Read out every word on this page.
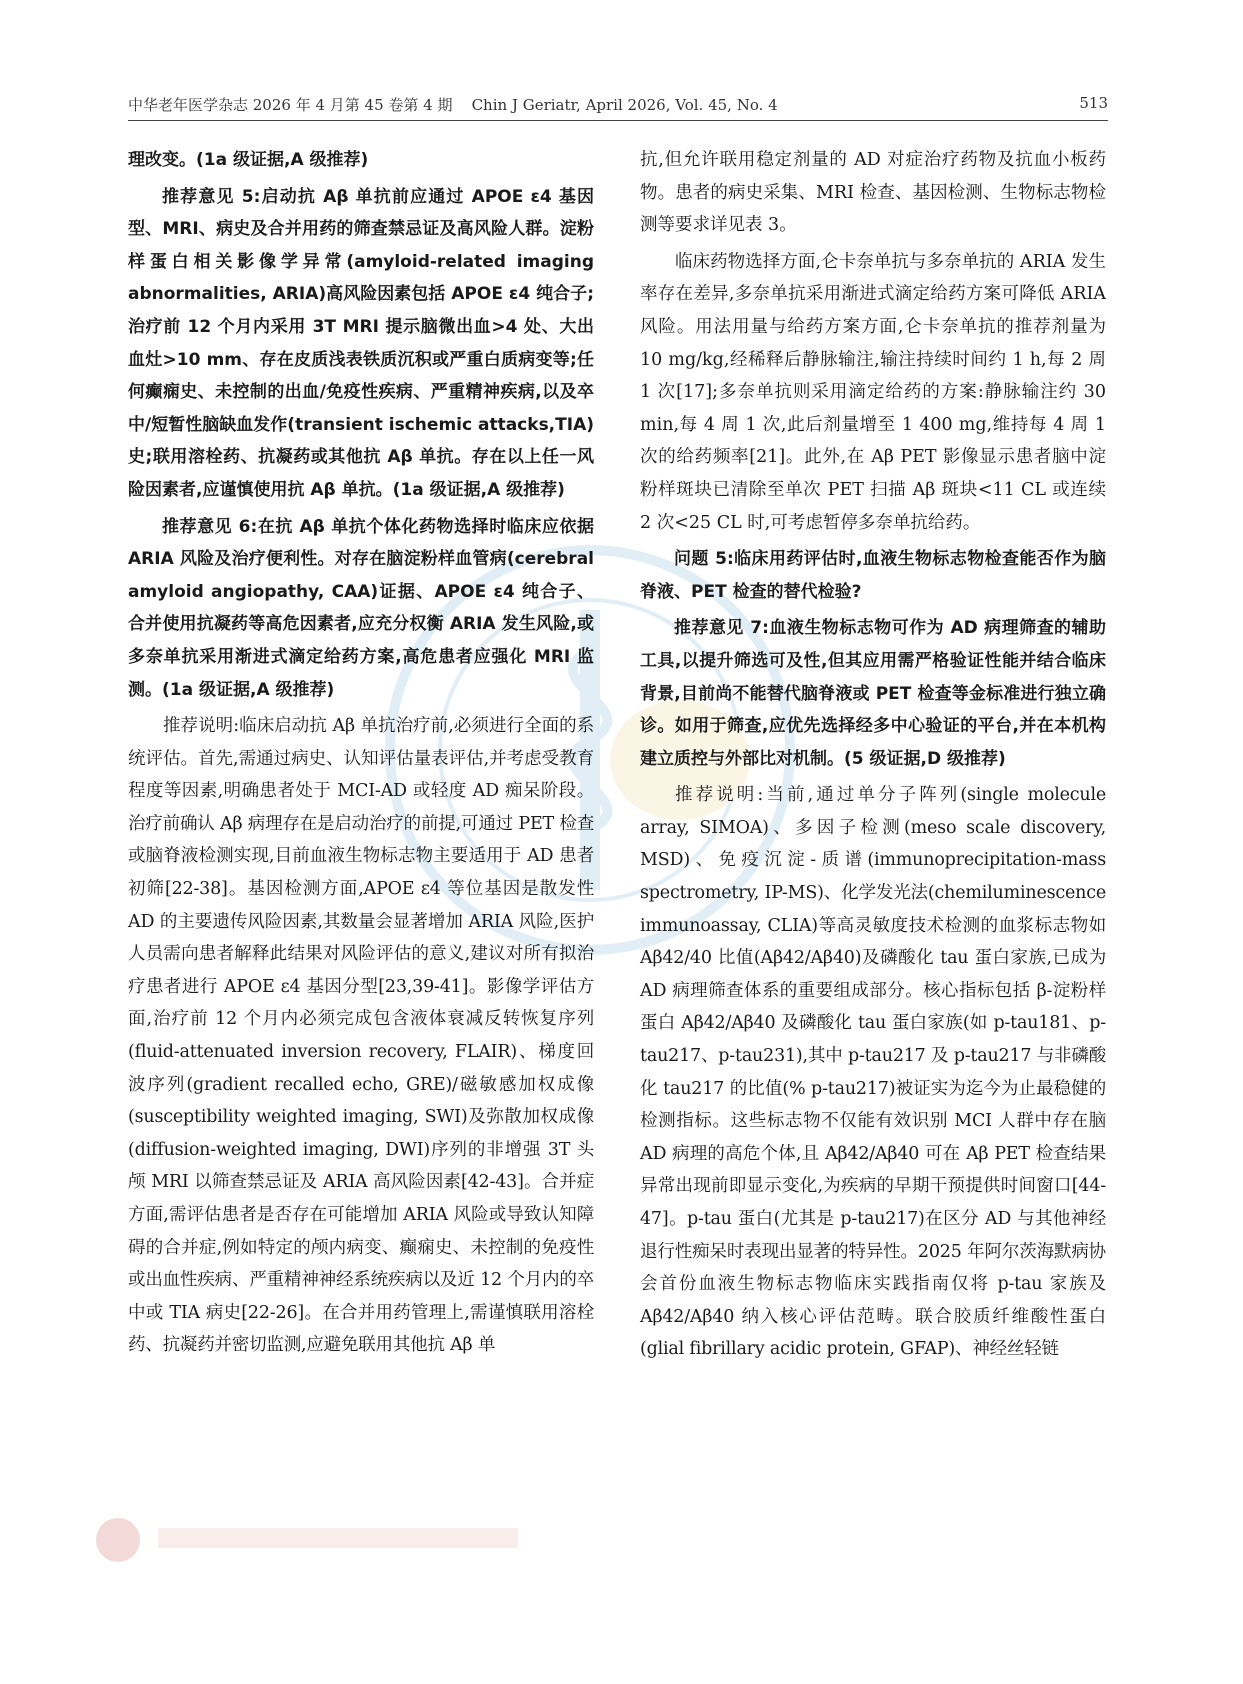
中华老年医学杂志 2026 年 4 月第 45 卷第 4 期 Chin J Geriatr, April 2026, Vol. 45, No. 4	513

理改变。(1a 级证据,A 级推荐)

推荐意见 5:启动抗 Aβ 单抗前应通过 APOE ε4 基因型、MRI、病史及合并用药的筛查禁忌证及高风险人群。淀粉样蛋白相关影像学异常(amyloid-related imaging abnormalities, ARIA)高风险因素包括 APOE ε4 纯合子;治疗前 12 个月内采用 3T MRI 提示脑微出血>4 处、大出血灶>10 mm、存在皮质浅表铁质沉积或严重白质病变等;任何癫痫史、未控制的出血/免疫性疾病、严重精神疾病,以及卒中/短暂性脑缺血发作(transient ischemic attacks,TIA)史;联用溶栓药、抗凝药或其他抗 Aβ 单抗。存在以上任一风险因素者,应谨慎使用抗 Aβ 单抗。(1a 级证据,A 级推荐)

推荐意见 6:在抗 Aβ 单抗个体化药物选择时临床应依据 ARIA 风险及治疗便利性。对存在脑淀粉样血管病(cerebral amyloid angiopathy, CAA)证据、APOE ε4 纯合子、合并使用抗凝药等高危因素者,应充分权衡 ARIA 发生风险,或多奈单抗采用渐进式滴定给药方案,高危患者应强化 MRI 监测。(1a 级证据,A 级推荐)

推荐说明:临床启动抗 Aβ 单抗治疗前,必须进行全面的系统评估。首先,需通过病史、认知评估量表评估,并考虑受教育程度等因素,明确患者处于 MCI-AD 或轻度 AD 痴呆阶段。治疗前确认 Aβ 病理存在是启动治疗的前提,可通过 PET 检查或脑脊液检测实现,目前血液生物标志物主要适用于 AD 患者初筛[22-38]。基因检测方面,APOE ε4 等位基因是散发性 AD 的主要遗传风险因素,其数量会显著增加 ARIA 风险,医护人员需向患者解释此结果对风险评估的意义,建议对所有拟治疗患者进行 APOE ε4 基因分型[23,39-41]。影像学评估方面,治疗前 12 个月内必须完成包含液体衰减反转恢复序列(fluid-attenuated inversion recovery, FLAIR)、梯度回波序列(gradient recalled echo, GRE)/磁敏感加权成像(susceptibility weighted imaging, SWI)及弥散加权成像(diffusion-weighted imaging, DWI)序列的非增强 3T 头颅 MRI 以筛查禁忌证及 ARIA 高风险因素[42-43]。合并症方面,需评估患者是否存在可能增加 ARIA 风险或导致认知障碍的合并症,例如特定的颅内病变、癫痫史、未控制的免疫性或出血性疾病、严重精神神经系统疾病以及近 12 个月内的卒中或 TIA 病史[22-26]。在合并用药管理上,需谨慎联用溶栓药、抗凝药并密切监测,应避免联用其他抗 Aβ 单

抗,但允许联用稳定剂量的 AD 对症治疗药物及抗血小板药物。患者的病史采集、MRI 检查、基因检测、生物标志物检测等要求详见表 3。

临床药物选择方面,仑卡奈单抗与多奈单抗的 ARIA 发生率存在差异,多奈单抗采用渐进式滴定给药方案可降低 ARIA 风险。用法用量与给药方案方面,仑卡奈单抗的推荐剂量为 10 mg/kg,经稀释后静脉输注,输注持续时间约 1 h,每 2 周 1 次[17];多奈单抗则采用滴定给药的方案:静脉输注约 30 min,每 4 周 1 次,此后剂量增至 1 400 mg,维持每 4 周 1 次的给药频率[21]。此外,在 Aβ PET 影像显示患者脑中淀粉样斑块已清除至单次 PET 扫描 Aβ 斑块<11 CL 或连续 2 次<25 CL 时,可考虑暂停多奈单抗给药。

问题 5:临床用药评估时,血液生物标志物检查能否作为脑脊液、PET 检查的替代检验?

推荐意见 7:血液生物标志物可作为 AD 病理筛查的辅助工具,以提升筛选可及性,但其应用需严格验证性能并结合临床背景,目前尚不能替代脑脊液或 PET 检查等金标准进行独立确诊。如用于筛查,应优先选择经多中心验证的平台,并在本机构建立质控与外部比对机制。(5 级证据,D 级推荐)

推荐说明:当前,通过单分子阵列(single molecule array, SIMOA)、多因子检测(meso scale discovery, MSD)、免疫沉淀-质谱(immunoprecipitation-mass spectrometry, IP-MS)、化学发光法(chemiluminescence immunoassay, CLIA)等高灵敏度技术检测的血浆标志物如 Aβ42/40 比值(Aβ42/Aβ40)及磷酸化 tau 蛋白家族,已成为 AD 病理筛查体系的重要组成部分。核心指标包括 β-淀粉样蛋白 Aβ42/Aβ40 及磷酸化 tau 蛋白家族(如 p-tau181、p-tau217、p-tau231),其中 p-tau217 及 p-tau217 与非磷酸化 tau217 的比值(% p-tau217)被证实为迄今为止最稳健的检测指标。这些标志物不仅能有效识别 MCI 人群中存在脑 AD 病理的高危个体,且 Aβ42/Aβ40 可在 Aβ PET 检查结果异常出现前即显示变化,为疾病的早期干预提供时间窗口[44-47]。p-tau 蛋白(尤其是 p-tau217)在区分 AD 与其他神经退行性痴呆时表现出显著的特异性。2025 年阿尔茨海默病协会首份血液生物标志物临床实践指南仅将 p-tau 家族及 Aβ42/Aβ40 纳入核心评估范畴。联合胶质纤维酸性蛋白(glial fibrillary acidic protein, GFAP)、神经丝轻链
